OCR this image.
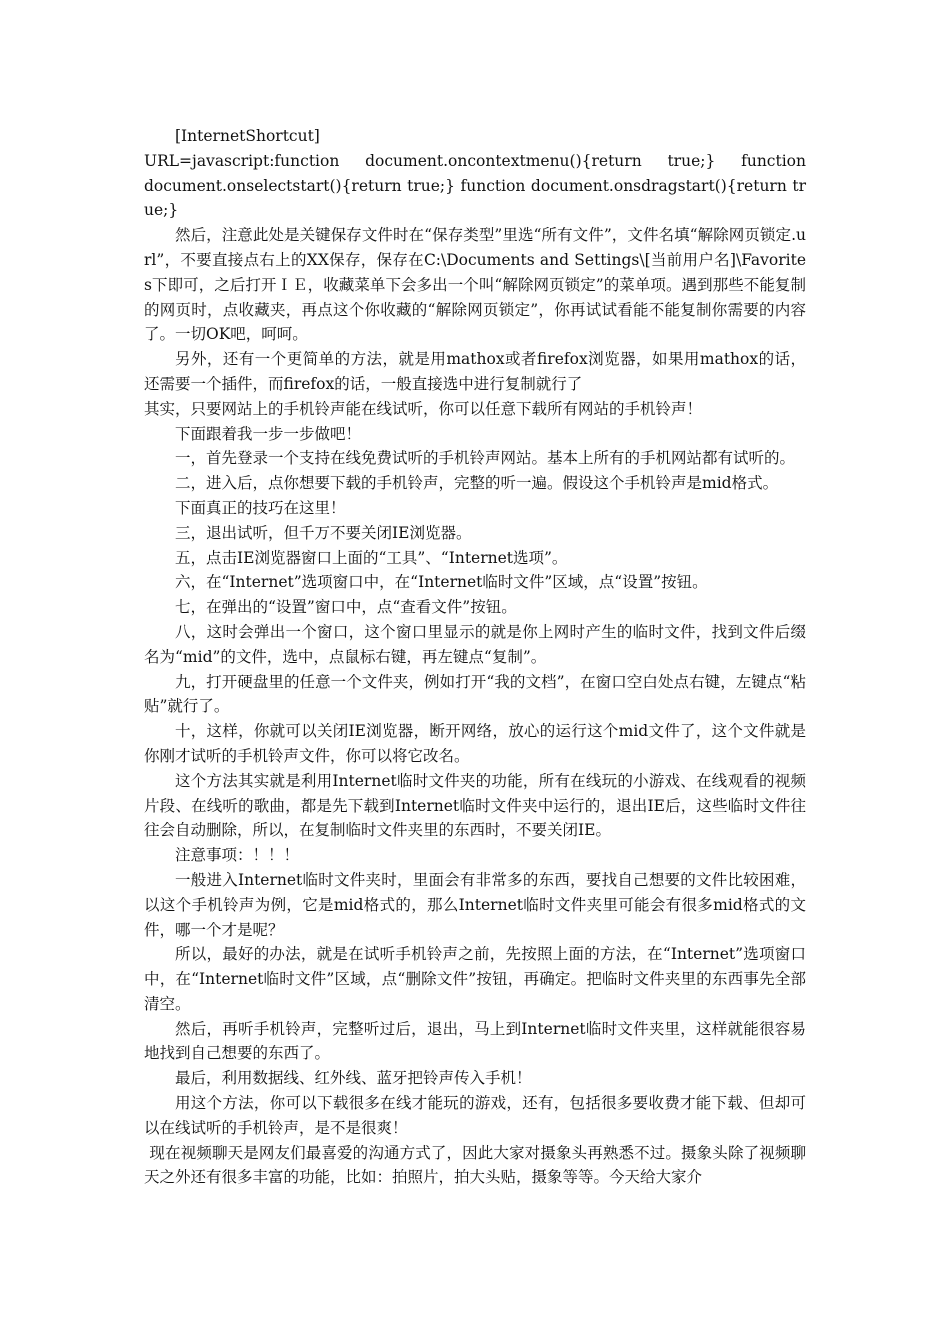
[InternetShortcut]

URL=javascript:function document.oncontextmenu(){return true;} function

document.onselectstart(){return true;} function document.onsdragstart(){return true;}

然后，注意此处是关键保存文件时在“保存类型”里选“所有文件”，文件名填“解除网页锁定.url”，不要直接点右上的XX保存，保存在C:\Documents and Settings\[当前用户名]\Favorites下即可，之后打开ＩＥ，收藏菜单下会多出一个叫“解除网页锁定”的菜单项。遇到那些不能复制的网页时，点收藏夹，再点这个你收藏的“解除网页锁定”，你再试试看能不能复制你需要的内容了。一切OK吧，呵呵。

另外，还有一个更简单的方法，就是用mathox或者firefox浏览器，如果用mathox的话，还需要一个插件，而firefox的话，一般直接选中进行复制就行了

其实，只要网站上的手机铃声能在线试听，你可以任意下载所有网站的手机铃声！

下面跟着我一步一步做吧！

一，首先登录一个支持在线免费试听的手机铃声网站。基本上所有的手机网站都有试听的。

二，进入后，点你想要下载的手机铃声，完整的听一遍。假设这个手机铃声是mid格式。

下面真正的技巧在这里！

三，退出试听，但千万不要关闭IE浏览器。

五，点击IE浏览器窗口上面的“工具”、“Internet选项”。

六，在“Internet”选项窗口中，在“Internet临时文件”区域，点“设置”按钮。

七，在弹出的“设置”窗口中，点“查看文件”按钮。

八，这时会弹出一个窗口，这个窗口里显示的就是你上网时产生的临时文件，找到文件后缀名为“mid”的文件，选中，点鼠标右键，再左键点“复制”。

九，打开硬盘里的任意一个文件夹，例如打开“我的文档”，在窗口空白处点右键，左键点“粘贴”就行了。

十，这样，你就可以关闭IE浏览器，断开网络，放心的运行这个mid文件了，这个文件就是你刚才试听的手机铃声文件，你可以将它改名。

这个方法其实就是利用Internet临时文件夹的功能，所有在线玩的小游戏、在线观看的视频片段、在线听的歌曲，都是先下载到Internet临时文件夹中运行的，退出IE后，这些临时文件往往会自动删除，所以，在复制临时文件夹里的东西时，不要关闭IE。

注意事项：！！！

一般进入Internet临时文件夹时，里面会有非常多的东西，要找自己想要的文件比较困难，以这个手机铃声为例，它是mid格式的，那么Internet临时文件夹里可能会有很多mid格式的文件，哪一个才是呢？

所以，最好的办法，就是在试听手机铃声之前，先按照上面的方法，在“Internet”选项窗口中，在“Internet临时文件”区域，点“删除文件”按钮，再确定。把临时文件夹里的东西事先全部清空。

然后，再听手机铃声，完整听过后，退出，马上到Internet临时文件夹里，这样就能很容易地找到自己想要的东西了。

最后，利用数据线、红外线、蓝牙把铃声传入手机！

用这个方法，你可以下载很多在线才能玩的游戏，还有，包括很多要收费才能下载、但却可以在线试听的手机铃声，是不是很爽！

现在视频聊天是网友们最喜爱的沟通方式了，因此大家对摄象头再熟悉不过。摄象头除了视频聊天之外还有很多丰富的功能，比如：拍照片，拍大头贴，摄象等等。今天给大家介
